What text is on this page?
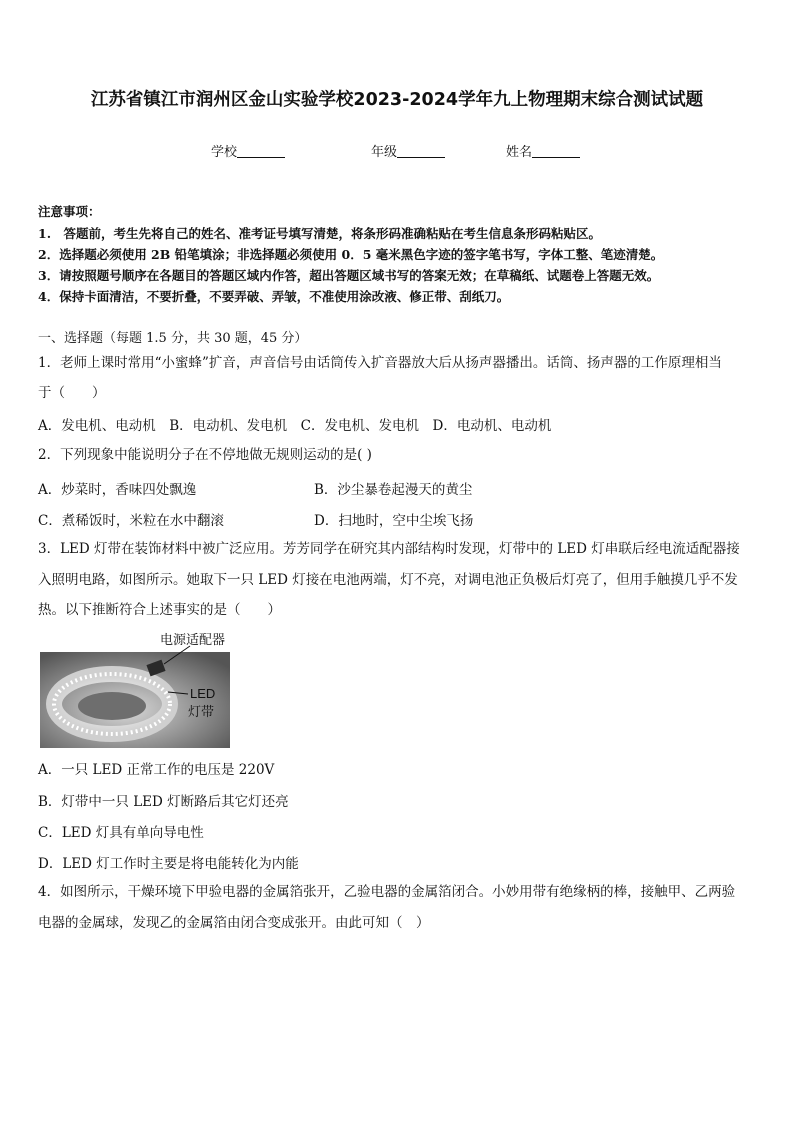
江苏省镇江市润州区金山实验学校2023-2024学年九上物理期末综合测试试题
学校	年级	姓名
注意事项：
1.　答题前，考生先将自己的姓名、准考证号填写清楚，将条形码准确粘贴在考生信息条形码粘贴区。
2．选择题必须使用 2B 铅笔填涂；非选择题必须使用 0．5 毫米黑色字迹的签字笔书写，字体工整、笔迹清楚。
3．请按照题号顺序在各题目的答题区域内作答，超出答题区域书写的答案无效；在草稿纸、试题卷上答题无效。
4．保持卡面清洁，不要折叠，不要弄破、弄皱，不准使用涂改液、修正带、刮纸刀。
一、选择题（每题 1.5 分，共 30 题，45 分）
1．老师上课时常用“小蜜蜂”扩音，声音信号由话筒传入扩音器放大后从扬声器播出。话筒、扬声器的工作原理相当
于（　　）
A．发电机、电动机　B．电动机、发电机　C．发电机、发电机　D．电动机、电动机
2．下列现象中能说明分子在不停地做无规则运动的是( )
A．炒菜时，香味四处飘逸	B．沙尘暴卷起漫天的黄尘
C．煮稀饭时，米粒在水中翻滚	D．扫地时，空中尘埃飞扬
3．LED 灯带在装饰材料中被广泛应用。芳芳同学在研究其内部结构时发现，灯带中的 LED 灯串联后经电流适配器接
入照明电路，如图所示。她取下一只 LED 灯接在电池两端，灯不亮，对调电池正负极后灯亮了，但用手触摸几乎不发
热。以下推断符合上述事实的是（　　）
电源适配器
LED
灯带
A．一只 LED 正常工作的电压是 220V
B．灯带中一只 LED 灯断路后其它灯还亮
C．LED 灯具有单向导电性
D．LED 灯工作时主要是将电能转化为内能
4．如图所示，干燥环境下甲验电器的金属箔张开，乙验电器的金属箔闭合。小妙用带有绝缘柄的棒，接触甲、乙两验
电器的金属球，发现乙的金属箔由闭合变成张开。由此可知（　）
